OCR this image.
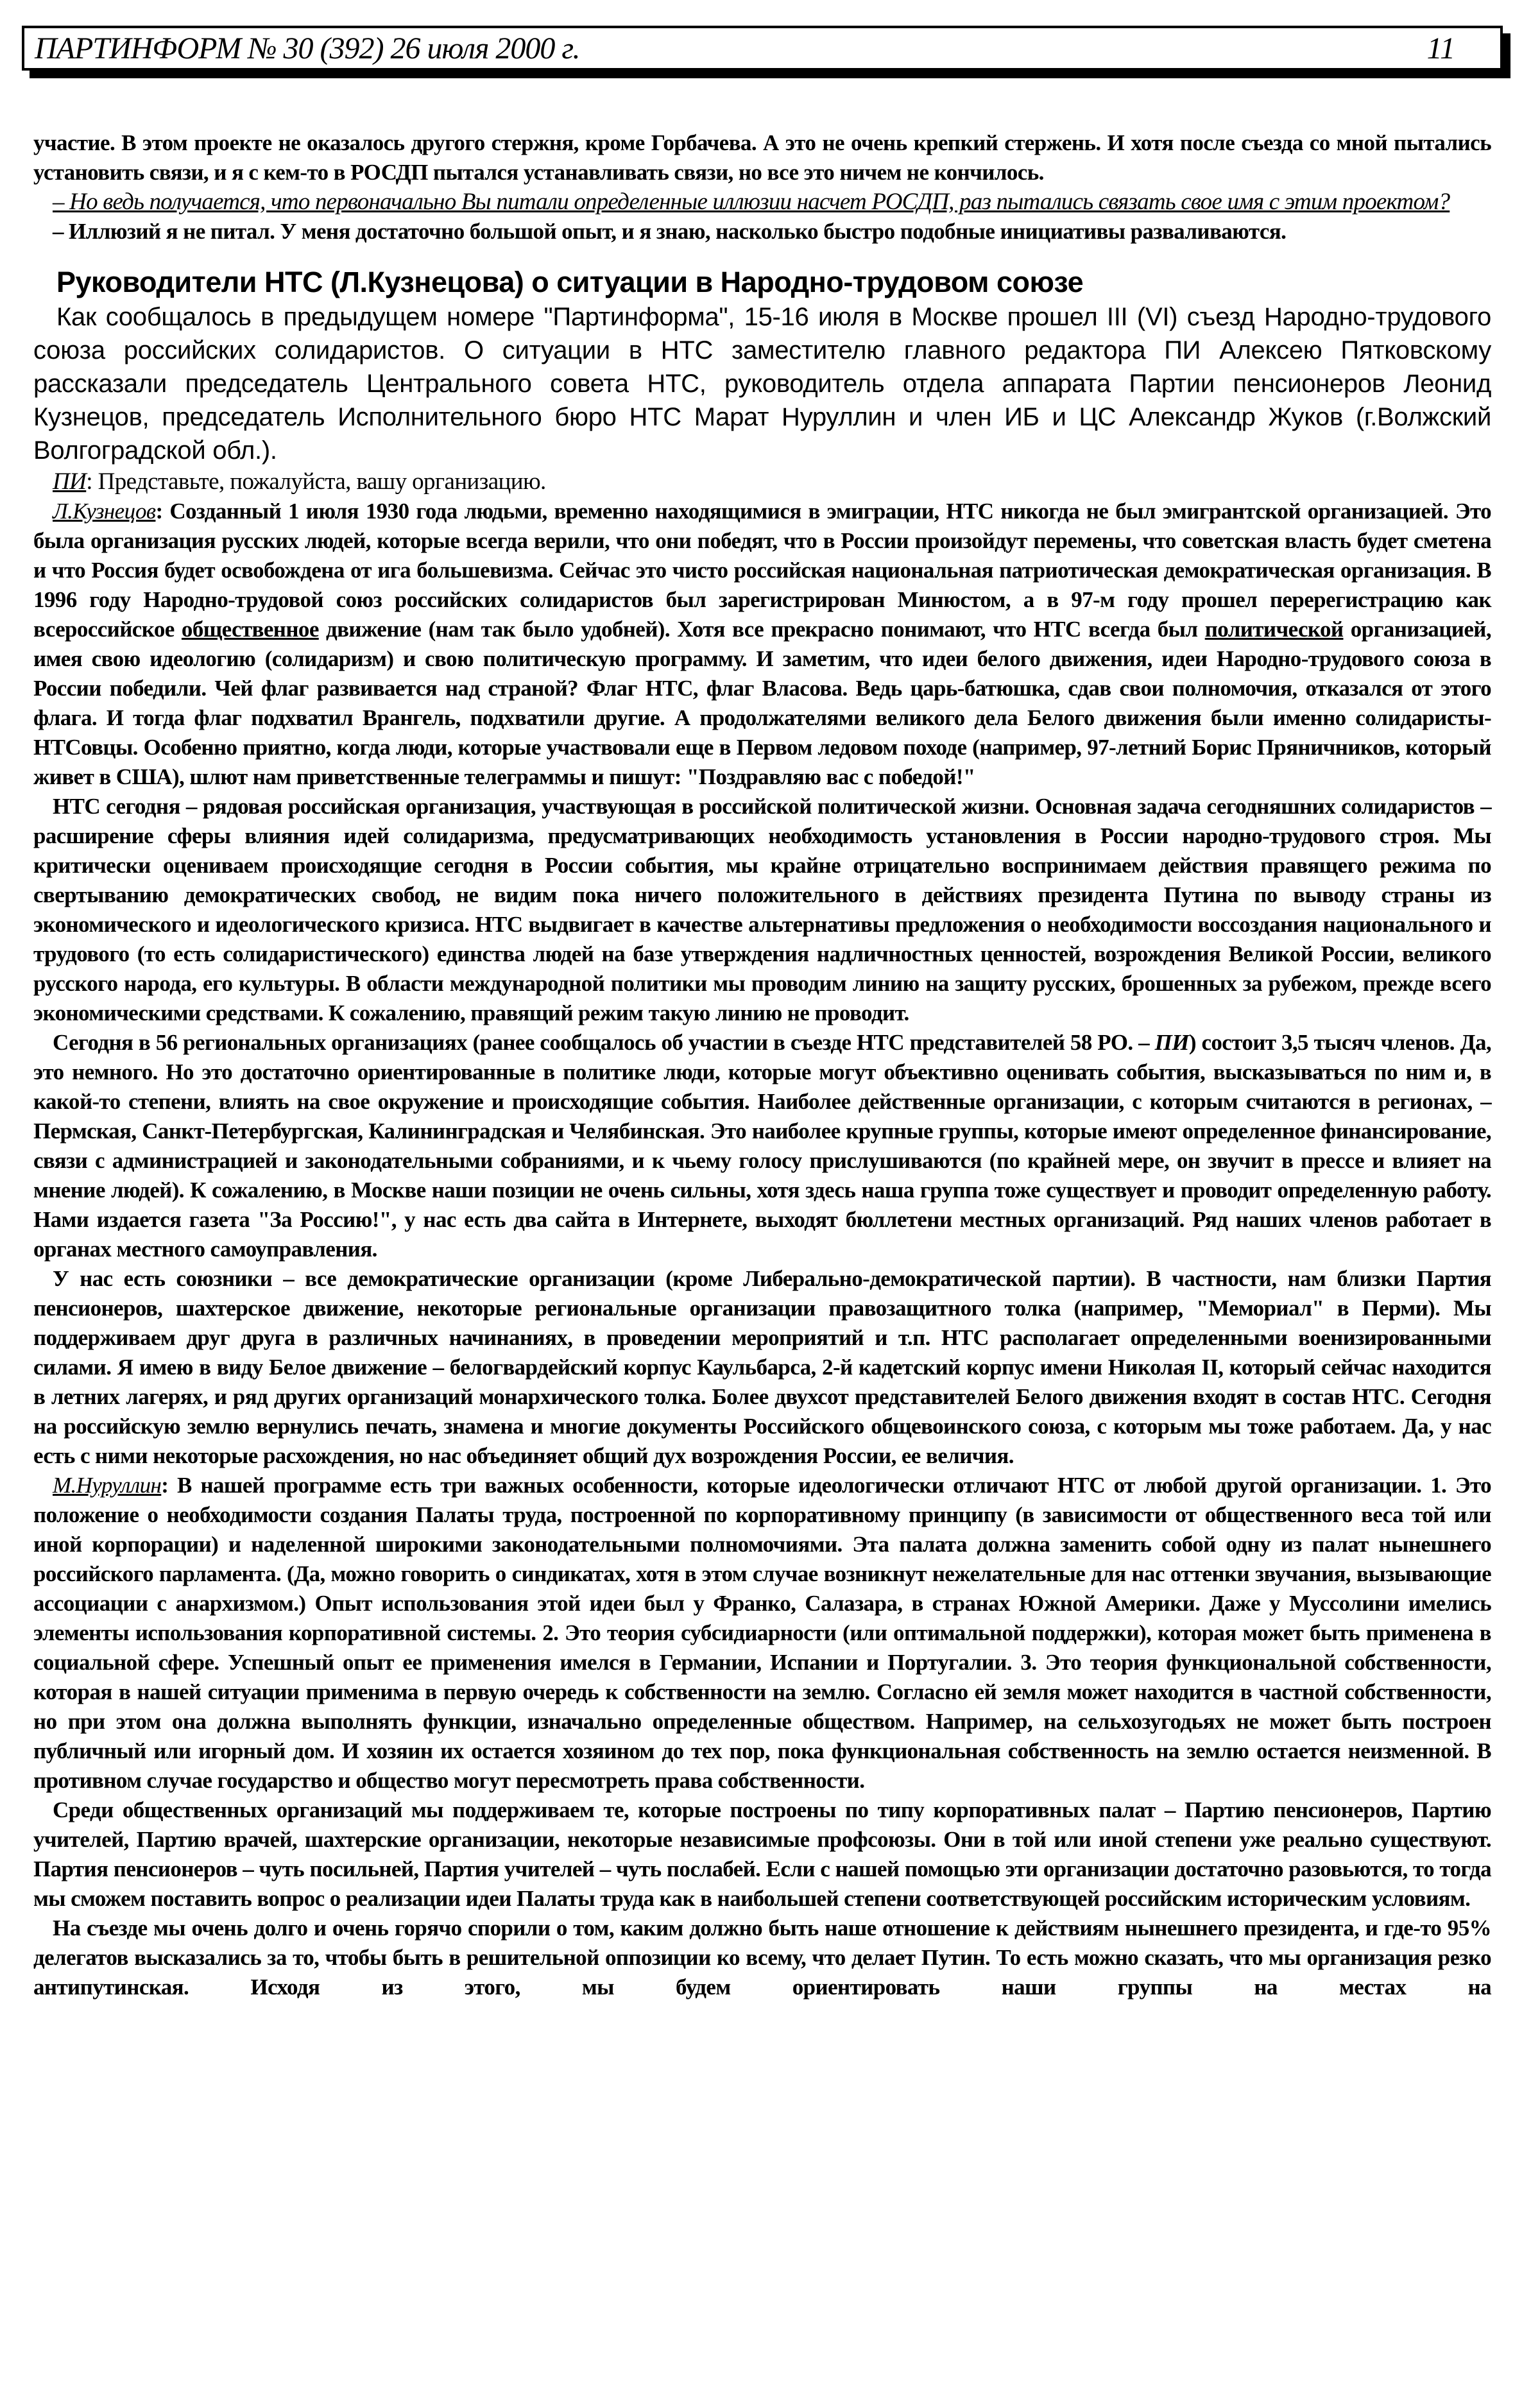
ПАРТИНФОРМ № 30 (392) 26 июля 2000 г.	11

участие. В этом проекте не оказалось другого стержня, кроме Горбачева. А это не очень крепкий стержень. И хотя после съезда со мной пытались установить связи, и я с кем-то в РОСДП пытался устанавливать связи, но все это ничем не кончилось.

– Но ведь получается, что первоначально Вы питали определенные иллюзии насчет РОСДП, раз пытались связать свое имя с этим проектом?

– Иллюзий я не питал. У меня достаточно большой опыт, и я знаю, насколько быстро подобные инициативы разваливаются.

Руководители НТС (Л.Кузнецова) о ситуации в Народно-трудовом союзе

Как сообщалось в предыдущем номере "Партинформа", 15-16 июля в Москве прошел III (VI) съезд Народно-трудового союза российских солидаристов. О ситуации в НТС заместителю главного редактора ПИ Алексею Пятковскому рассказали председатель Центрального совета НТС, руководитель отдела аппарата Партии пенсионеров Леонид Кузнецов, председатель Исполнительного бюро НТС Марат Нуруллин и член ИБ и ЦС Александр Жуков (г.Волжский Волгоградской обл.).

ПИ: Представьте, пожалуйста, вашу организацию.

Л.Кузнецов: Созданный 1 июля 1930 года людьми, временно находящимися в эмиграции, НТС никогда не был эмигрантской организацией. Это была организация русских людей, которые всегда верили, что они победят, что в России произойдут перемены, что советская власть будет сметена и что Россия будет освобождена от ига большевизма. Сейчас это чисто российская национальная патриотическая демократическая организация. В 1996 году Народно-трудовой союз российских солидаристов был зарегистрирован Минюстом, а в 97-м году прошел перерегистрацию как всероссийское общественное движение (нам так было удобней). Хотя все прекрасно понимают, что НТС всегда был политической организацией, имея свою идеологию (солидаризм) и свою политическую программу. И заметим, что идеи белого движения, идеи Народно-трудового союза в России победили. Чей флаг развивается над страной? Флаг НТС, флаг Власова. Ведь царь-батюшка, сдав свои полномочия, отказался от этого флага. И тогда флаг подхватил Врангель, подхватили другие. А продолжателями великого дела Белого движения были именно солидаристы-НТСовцы. Особенно приятно, когда люди, которые участвовали еще в Первом ледовом походе (например, 97-летний Борис Пряничников, который живет в США), шлют нам приветственные телеграммы и пишут: "Поздравляю вас с победой!"

НТС сегодня – рядовая российская организация, участвующая в российской политической жизни. Основная задача сегодняшних солидаристов – расширение сферы влияния идей солидаризма, предусматривающих необходимость установления в России народно-трудового строя. Мы критически оцениваем происходящие сегодня в России события, мы крайне отрицательно воспринимаем действия правящего режима по свертыванию демократических свобод, не видим пока ничего положительного в действиях президента Путина по выводу страны из экономического и идеологического кризиса. НТС выдвигает в качестве альтернативы предложения о необходимости воссоздания национального и трудового (то есть солидаристического) единства людей на базе утверждения надличностных ценностей, возрождения Великой России, великого русского народа, его культуры. В области международной политики мы проводим линию на защиту русских, брошенных за рубежом, прежде всего экономическими средствами. К сожалению, правящий режим такую линию не проводит.

Сегодня в 56 региональных организациях (ранее сообщалось об участии в съезде НТС представителей 58 РО. – ПИ) состоит 3,5 тысяч членов. Да, это немного. Но это достаточно ориентированные в политике люди, которые могут объективно оценивать события, высказываться по ним и, в какой-то степени, влиять на свое окружение и происходящие события. Наиболее действенные организации, с которым считаются в регионах, – Пермская, Санкт-Петербургская, Калининградская и Челябинская. Это наиболее крупные группы, которые имеют определенное финансирование, связи с администрацией и законодательными собраниями, и к чьему голосу прислушиваются (по крайней мере, он звучит в прессе и влияет на мнение людей). К сожалению, в Москве наши позиции не очень сильны, хотя здесь наша группа тоже существует и проводит определенную работу. Нами издается газета "За Россию!", у нас есть два сайта в Интернете, выходят бюллетени местных организаций. Ряд наших членов работает в органах местного самоуправления.

У нас есть союзники – все демократические организации (кроме Либерально-демократической партии). В частности, нам близки Партия пенсионеров, шахтерское движение, некоторые региональные организации правозащитного толка (например, "Мемориал" в Перми). Мы поддерживаем друг друга в различных начинаниях, в проведении мероприятий и т.п. НТС располагает определенными военизированными силами. Я имею в виду Белое движение – белогвардейский корпус Каульбарса, 2-й кадетский корпус имени Николая II, который сейчас находится в летних лагерях, и ряд других организаций монархического толка. Более двухсот представителей Белого движения входят в состав НТС. Сегодня на российскую землю вернулись печать, знамена и многие документы Российского общевоинского союза, с которым мы тоже работаем. Да, у нас есть с ними некоторые расхождения, но нас объединяет общий дух возрождения России, ее величия.

М.Нуруллин: В нашей программе есть три важных особенности, которые идеологически отличают НТС от любой другой организации. 1. Это положение о необходимости создания Палаты труда, построенной по корпоративному принципу (в зависимости от общественного веса той или иной корпорации) и наделенной широкими законодательными полномочиями. Эта палата должна заменить собой одну из палат нынешнего российского парламента. (Да, можно говорить о синдикатах, хотя в этом случае возникнут нежелательные для нас оттенки звучания, вызывающие ассоциации с анархизмом.) Опыт использования этой идеи был у Франко, Салазара, в странах Южной Америки. Даже у Муссолини имелись элементы использования корпоративной системы. 2. Это теория субсидиарности (или оптимальной поддержки), которая может быть применена в социальной сфере. Успешный опыт ее применения имелся в Германии, Испании и Португалии. 3. Это теория функциональной собственности, которая в нашей ситуации применима в первую очередь к собственности на землю. Согласно ей земля может находится в частной собственности, но при этом она должна выполнять функции, изначально определенные обществом. Например, на сельхозугодьях не может быть построен публичный или игорный дом. И хозяин их остается хозяином до тех пор, пока функциональная собственность на землю остается неизменной. В противном случае государство и общество могут пересмотреть права собственности.

Среди общественных организаций мы поддерживаем те, которые построены по типу корпоративных палат – Партию пенсионеров, Партию учителей, Партию врачей, шахтерские организации, некоторые независимые профсоюзы. Они в той или иной степени уже реально существуют. Партия пенсионеров – чуть посильней, Партия учителей – чуть послабей. Если с нашей помощью эти организации достаточно разовьются, то тогда мы сможем поставить вопрос о реализации идеи Палаты труда как в наибольшей степени соответствующей российским историческим условиям.

На съезде мы очень долго и очень горячо спорили о том, каким должно быть наше отношение к действиям нынешнего президента, и где-то 95% делегатов высказались за то, чтобы быть в решительной оппозиции ко всему, что делает Путин. То есть можно сказать, что мы организация резко антипутинская. Исходя из этого, мы будем ориентировать наши группы на местах на
